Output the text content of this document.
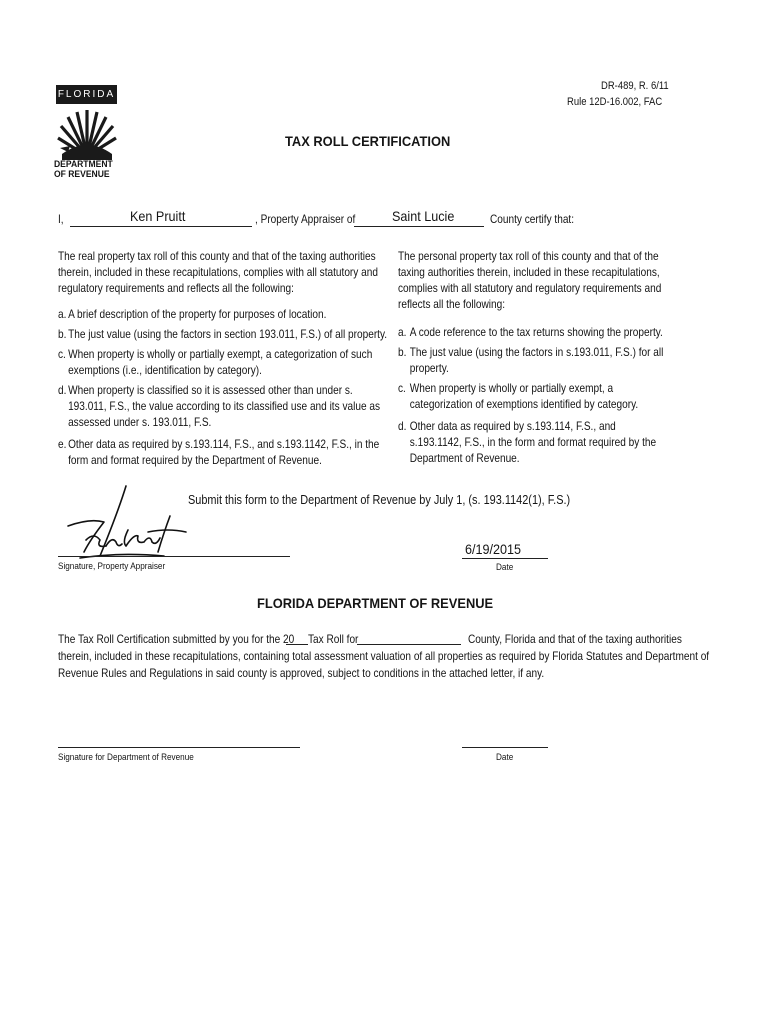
FLORIDA
DEPARTMENT
OF REVENUE
DR-489, R. 6/11
Rule 12D-16.002, FAC
TAX ROLL CERTIFICATION
I,	Ken Pruitt	, Property Appraiser of	Saint Lucie	County certify that:
The real property tax roll of this county and that of the taxing authorities
therein, included in these recapitulations, complies with all statutory and
regulatory requirements and reflects all the following:
a. A brief description of the property for purposes of location.
b. The just value (using the factors in section 193.011, F.S.) of all property.
c. When property is wholly or partially exempt, a categorization of such
exemptions (i.e., identification by category).
d. When property is classified so it is assessed other than under s.
193.011, F.S., the value according to its classified use and its value as
assessed under s. 193.011, F.S.
e. Other data as required by s.193.114, F.S., and s.193.1142, F.S., in the
form and format required by the Department of Revenue.
The personal property tax roll of this county and that of the
taxing authorities therein, included in these recapitulations,
complies with all statutory and regulatory requirements and
reflects all the following:
a. A code reference to the tax returns showing the property.
b. The just value (using the factors in s.193.011, F.S.) for all
property.
c. When property is wholly or partially exempt, a
categorization of exemptions identified by category.
d. Other data as required by s.193.114, F.S., and
s.193.1142, F.S., in the form and format required by the
Department of Revenue.
Submit this form to the Department of Revenue by July 1, (s. 193.1142(1), F.S.)
Signature, Property Appraiser
6/19/2015
Date
FLORIDA DEPARTMENT OF REVENUE
The Tax Roll Certification submitted by you for the 20 Tax Roll for	County, Florida and that of the taxing authorities
therein, included in these recapitulations, containing total assessment valuation of all properties as required by Florida Statutes and Department of
Revenue Rules and Regulations in said county is approved, subject to conditions in the attached letter, if any.
Signature for Department of Revenue	Date
